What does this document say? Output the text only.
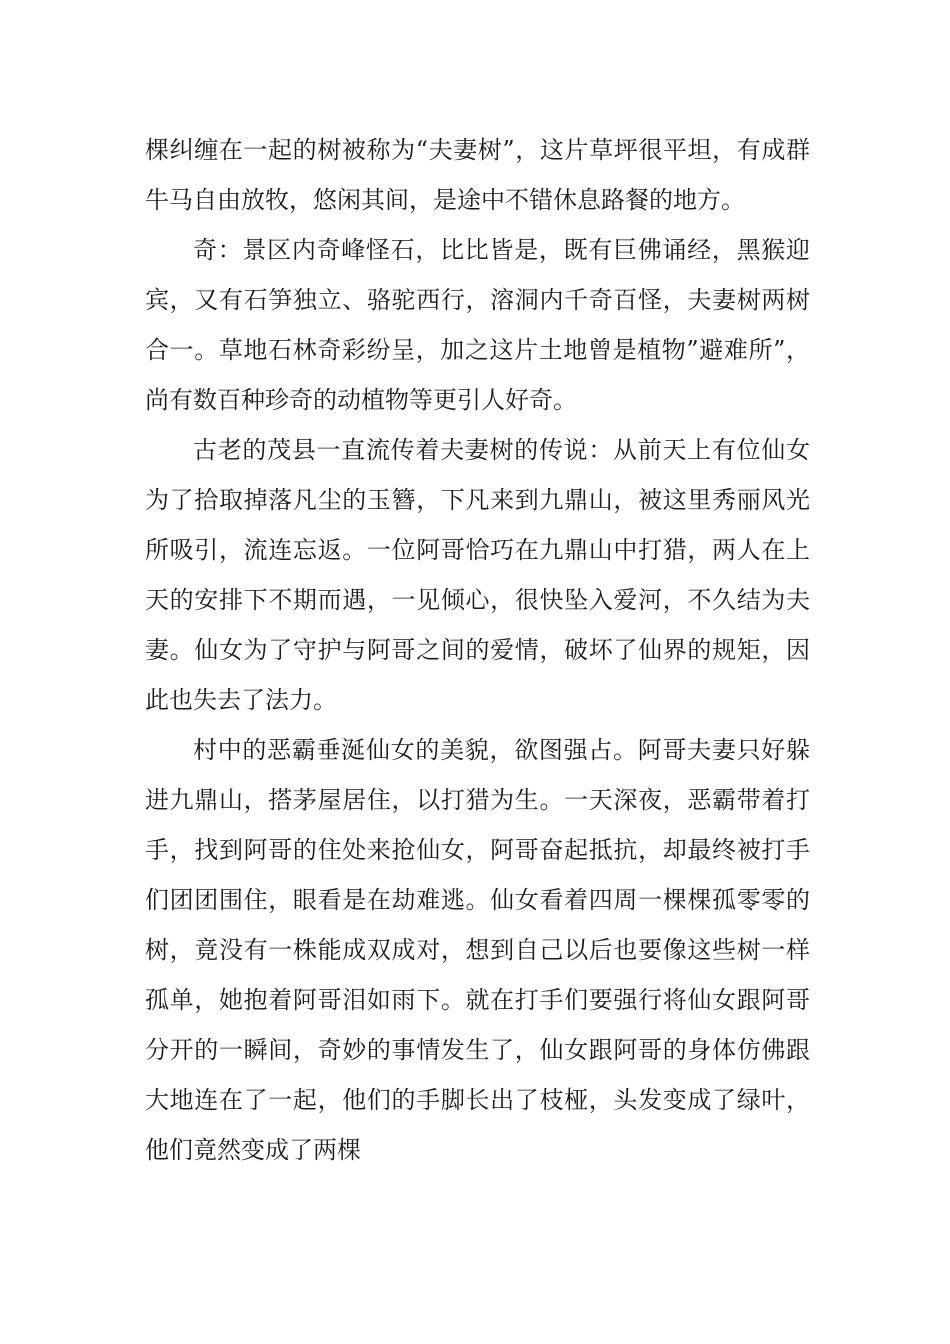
棵纠缠在一起的树被称为“夫妻树”，这片草坪很平坦，有成群牛马自由放牧，悠闲其间，是途中不错休息路餐的地方。

奇：景区内奇峰怪石，比比皆是，既有巨佛诵经，黑猴迎宾，又有石笋独立、骆驼西行，溶洞内千奇百怪，夫妻树两树合一。草地石林奇彩纷呈，加之这片土地曾是植物”避难所”，尚有数百种珍奇的动植物等更引人好奇。

古老的茂县一直流传着夫妻树的传说：从前天上有位仙女为了拾取掉落凡尘的玉簪，下凡来到九鼎山，被这里秀丽风光所吸引，流连忘返。一位阿哥恰巧在九鼎山中打猎，两人在上天的安排下不期而遇，一见倾心，很快坠入爱河，不久结为夫妻。仙女为了守护与阿哥之间的爱情，破坏了仙界的规矩，因此也失去了法力。

村中的恶霸垂涎仙女的美貌，欲图强占。阿哥夫妻只好躲进九鼎山，搭茅屋居住，以打猎为生。一天深夜，恶霸带着打手，找到阿哥的住处来抢仙女，阿哥奋起抵抗，却最终被打手们团团围住，眼看是在劫难逃。仙女看着四周一棵棵孤零零的树，竟没有一株能成双成对，想到自己以后也要像这些树一样孤单，她抱着阿哥泪如雨下。就在打手们要强行将仙女跟阿哥分开的一瞬间，奇妙的事情发生了，仙女跟阿哥的身体仿佛跟大地连在了一起，他们的手脚长出了枝桠，头发变成了绿叶，他们竟然变成了两棵
